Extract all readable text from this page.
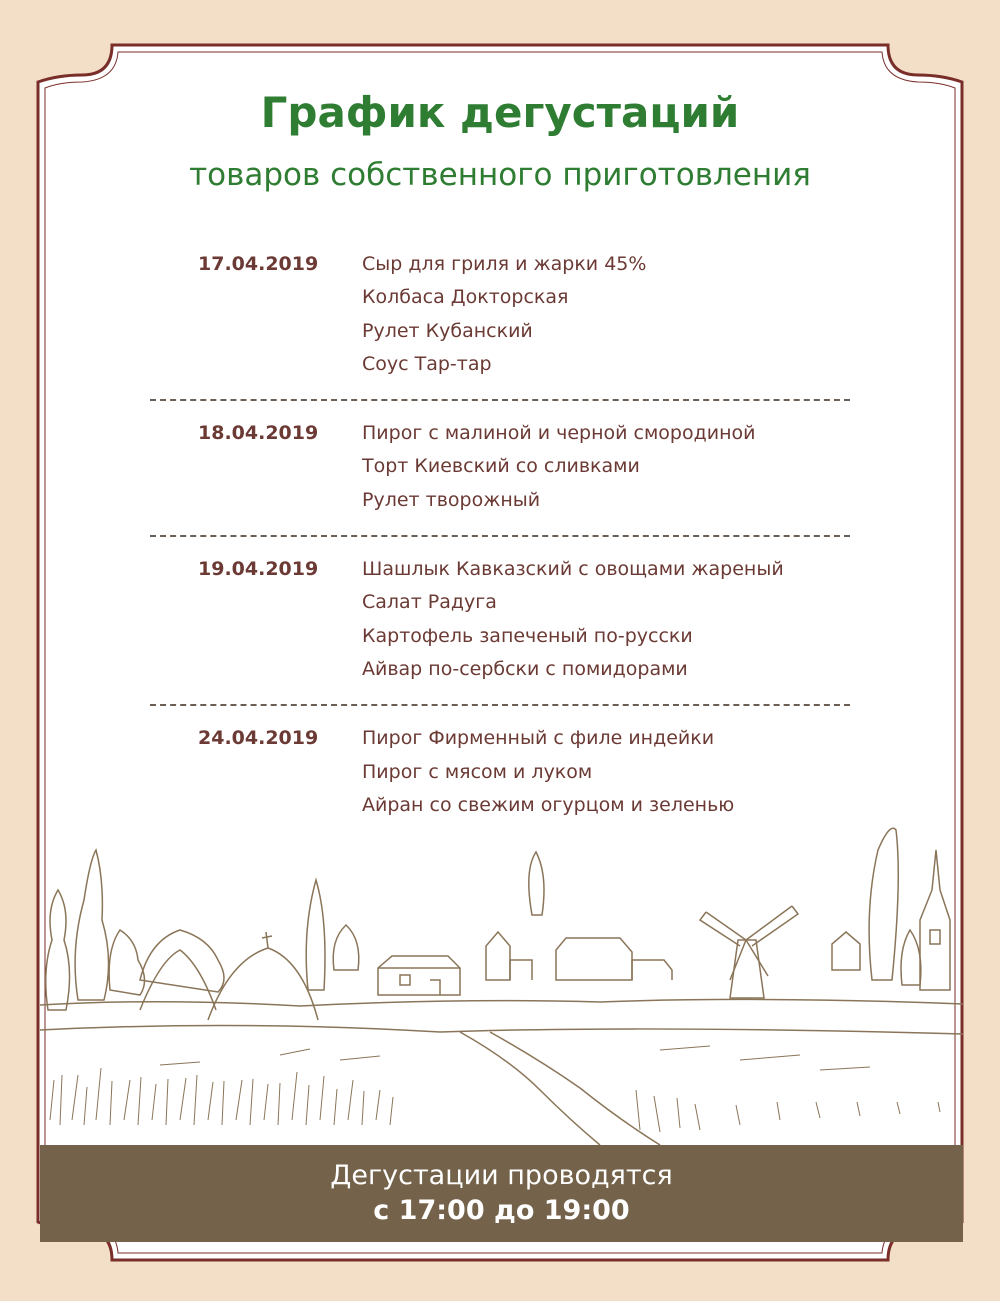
График дегустаций
товаров собственного приготовления
17.04.2019 Сыр для гриля и жарки 45%
Колбаса Докторская
Рулет Кубанский
Соус Тар-тар
18.04.2019 Пирог с малиной и черной смородиной
Торт Киевский со сливками
Рулет творожный
19.04.2019 Шашлык Кавказский с овощами жареный
Салат Радуга
Картофель запеченый по-русски
Айвар по-сербски с помидорами
24.04.2019 Пирог Фирменный с филе индейки
Пирог с мясом и луком
Айран со свежим огурцом и зеленью
Дегустации проводятся
с 17:00 до 19:00
